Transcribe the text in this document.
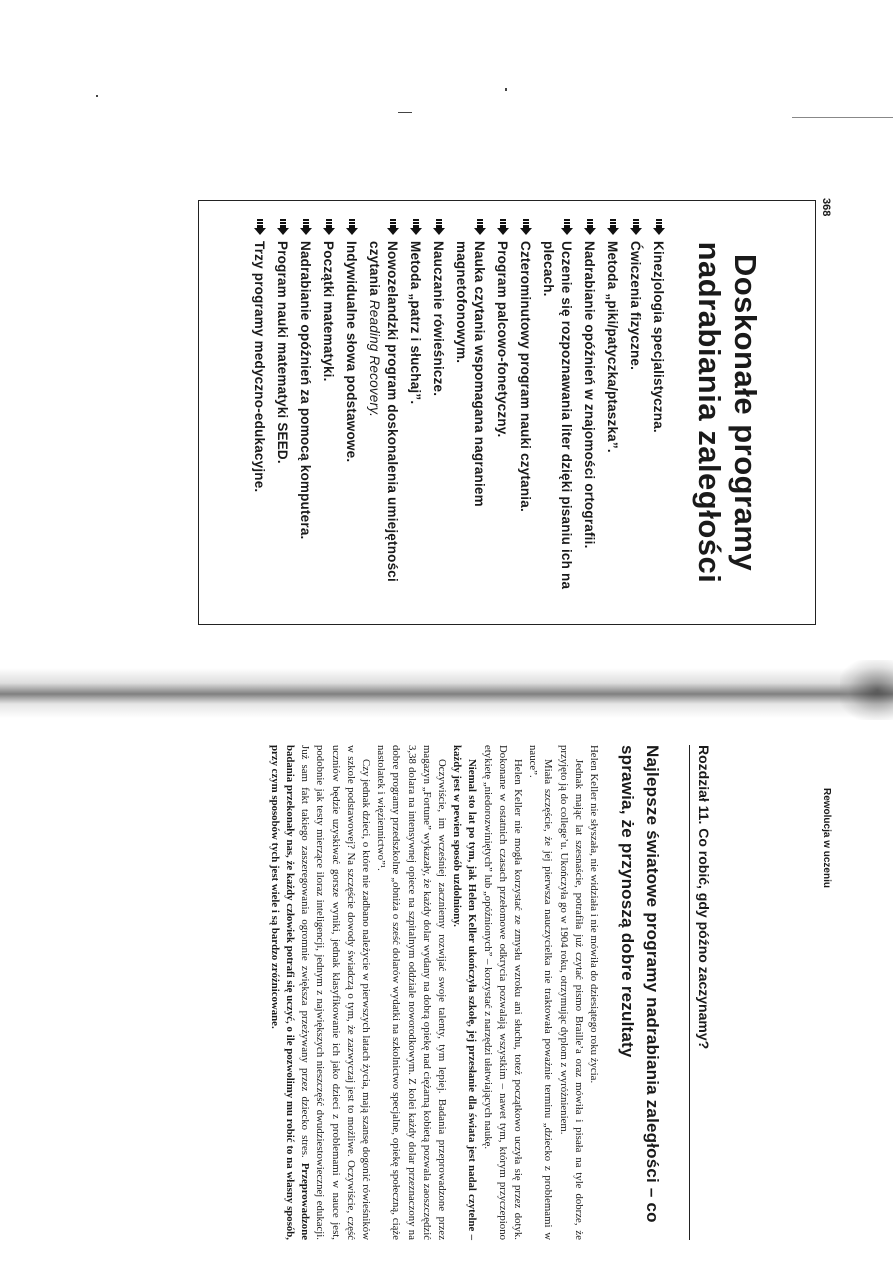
368
Rewolucja w uczeniu
Doskonałe programy
nadrabiania zaległości
Kinezjologia specjalistyczna.
Ćwiczenia fizyczne.
Metoda „piki/patyczka/ptaszka”.
Nadrabianie opóźnień w znajomości ortografii.
Uczenie się rozpoznawania liter dzięki pisaniu ich na plecach.
Czterominutowy program nauki czytania.
Program palcowo-fonetyczny.
Nauka czytania wspomagana nagraniem magnetofonowym.
Nauczanie rówieśnicze.
Metoda „patrz i słuchaj”.
Nowozelandzki program doskonalenia umiejętności czytania Reading Recovery.
Indywidualne słowa podstawowe.
Początki matematyki.
Nadrabianie opóźnień za pomocą komputera.
Program nauki matematyki SEED.
Trzy programy medyczno-edukacyjne.
Rozdział 11. Co robić, gdy późno zaczynamy?
Najlepsze światowe programy nadrabiania zaległości – co sprawia, że przynoszą dobre rezultaty

Helen Keller nie słyszała, nie widziała i nie mówiła do dziesiątego roku życia.

Jednak mając lat szesnaście, potrafiła już czytać pismo Braille’a oraz mówiła i pisała na tyle dobrze, że przyjęto ją do college’u. Ukończyła go w 1904 roku, otrzymując dyplom z wyróżnieniem.

Miała szczęście, że jej pierwsza nauczycielka nie traktowała poważnie terminu „dziecko z problemami w nauce”.

Helen Keller nie mogła korzystać ze zmysłu wzroku ani słuchu, toteż początkowo uczyła się przez dotyk. Dokonane w ostatnich czasach przełomowe odkrycia pozwalają wszystkim – nawet tym, którym przyczepiono etykietę „niedorozwiniętych” lub „opóźnionych” – korzystać z narzędzi ułatwiających naukę.

Niemal sto lat po tym, jak Helen Keller ukończyła szkołę, jej przesłanie dla świata jest nadal czytelne – każdy jest w pewien sposób uzdolniony.

Oczywiście, im wcześniej zaczniemy rozwijać swoje talenty, tym lepiej. Badania przeprowadzone przez magazyn „Fortune” wykazały, że każdy dolar wydany na dobrą opiekę nad ciężarną kobietą pozwala zaoszczędzić 3,38 dolara na intensywnej opiece na szpitalnym oddziale noworodkowym. Z kolei każdy dolar przeznaczony na dobre programy przedszkolne „obniża o sześć dolarów wydatki na szkolnictwo specjalne, opiekę społeczną, ciąże nastolatek i więziennictwo”¹.

Czy jednak dzieci, o które nie zadbano należycie w pierwszych latach życia, mają szansę dogonić rówieśników w szkole podstawowej? Na szczęście dowody świadczą o tym, że zazwyczaj jest to możliwe. Oczywiście, część uczniów będzie uzyskiwać gorsze wyniki, jednak klasyfikowanie ich jako dzieci z problemami w nauce jest, podobnie jak testy mierzące iloraz inteligencji, jednym z największych nieszczęść dwudziestowiecznej edukacji. Już sam fakt takiego zaszeregowania ogromnie zwiększa przeżywany przez dziecko stres. Przeprowadzone badania przekonały nas, że każdy człowiek potrafi się uczyć, o ile pozwolimy mu robić to na własny sposób, przy czym sposobów tych jest wiele i są bardzo zróżnicowane.
